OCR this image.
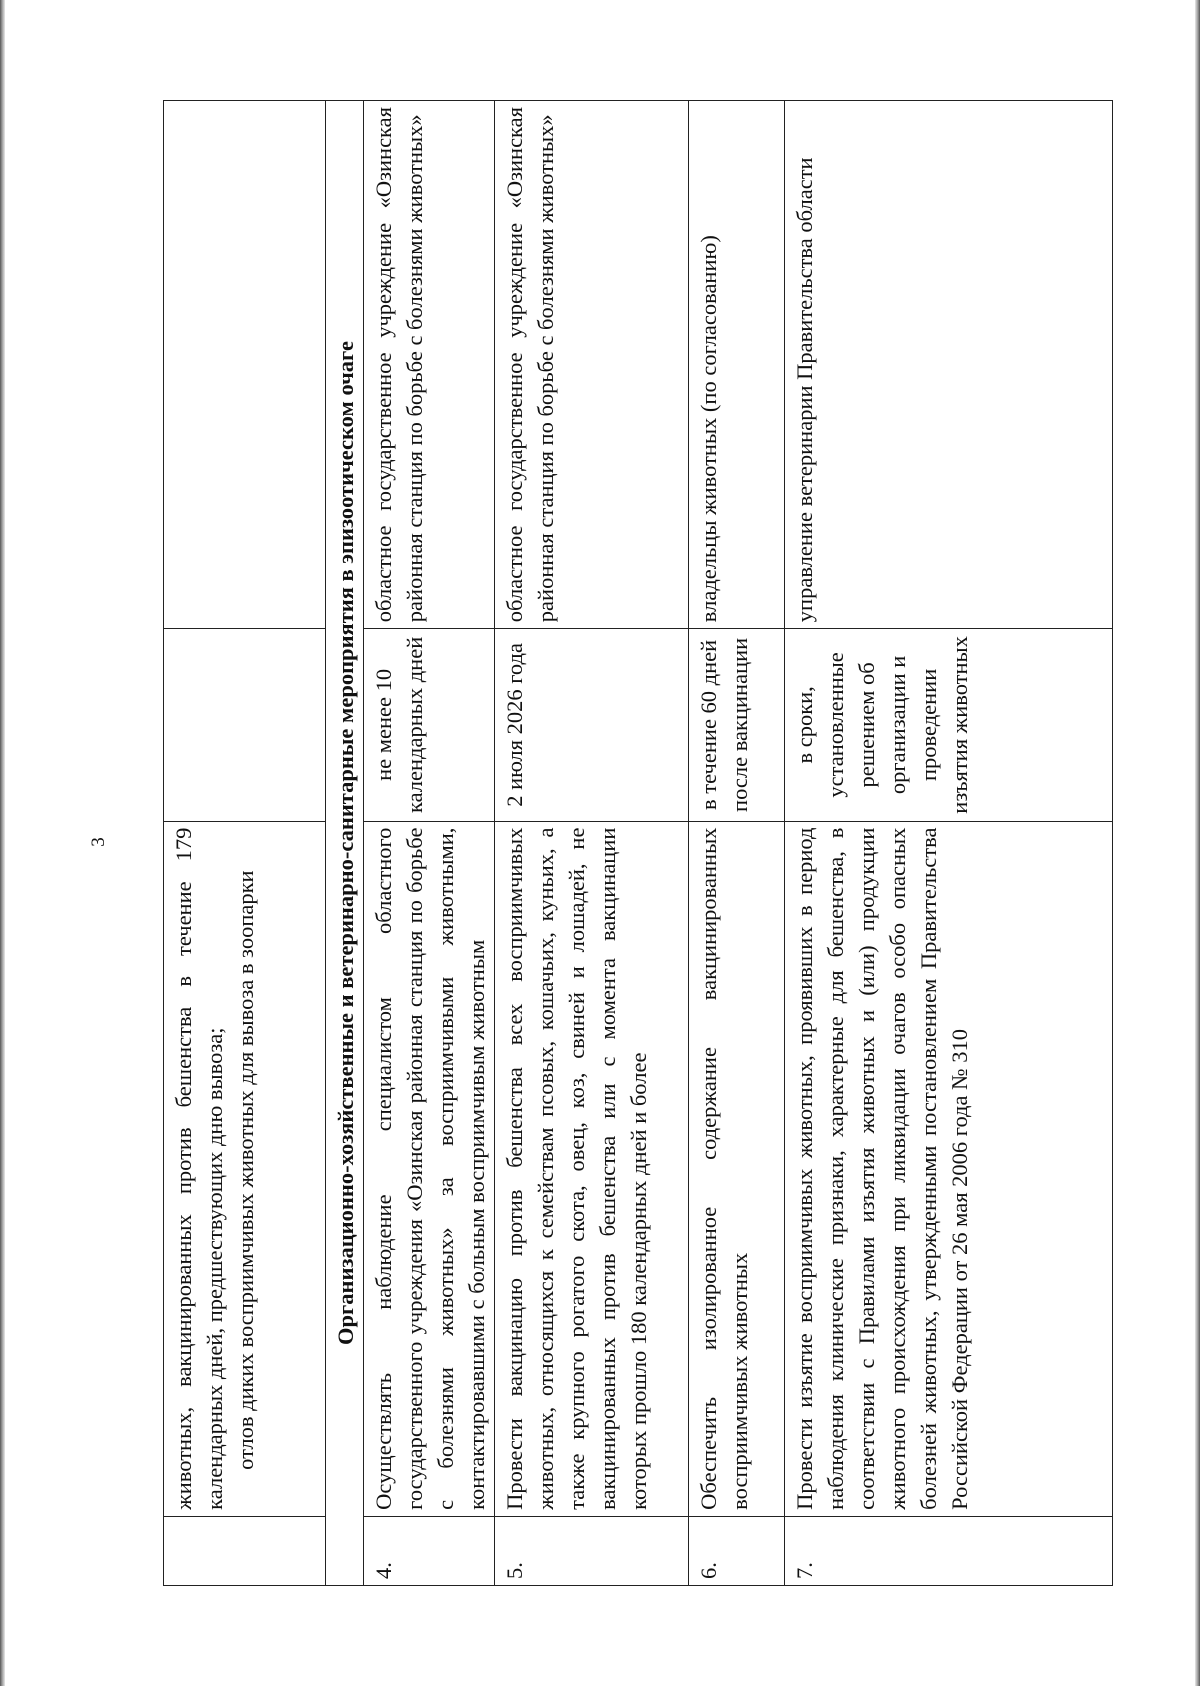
3

	животных, вакцинированных против бешенства в течение 179 календарных дней, предшествующих дню вывоза; отлов диких восприимчивых животных для вывоза в зоопарки		

Организационно-хозяйственные и ветеринарно-санитарные мероприятия в эпизоотическом очаге			
4.	Осуществлять наблюдение специалистом областного государственного учреждения «Озинская районная станция по борьбе с болезнями животных» за восприимчивыми животными, контактировавшими с больным восприимчивым животным	не менее 10 календарных дней	областное государственное учреждение «Озинская районная станция по борьбе с болезнями животных»
5.	Провести вакцинацию против бешенства всех восприимчивых животных, относящихся к семействам псовых, кошачьих, куньих, а также крупного рогатого скота, овец, коз, свиней и лошадей, не вакцинированных против бешенства или с момента вакцинации которых прошло 180 календарных дней и более	2 июля 2026 года	областное государственное учреждение «Озинская районная станция по борьбе с болезнями животных»
6.	Обеспечить изолированное содержание вакцинированных восприимчивых животных	в течение 60 дней после вакцинации	владельцы животных (по согласованию)
7.	Провести изъятие восприимчивых животных, проявивших в период наблюдения клинические признаки, характерные для бешенства, в соответствии с Правилами изъятия животных и (или) продукции животного происхождения при ликвидации очагов особо опасных болезней животных, утвержденными постановлением Правительства Российской Федерации от 26 мая 2006 года № 310	в сроки, установленные решением об организации и проведении изъятия животных	управление ветеринарии Правительства области
